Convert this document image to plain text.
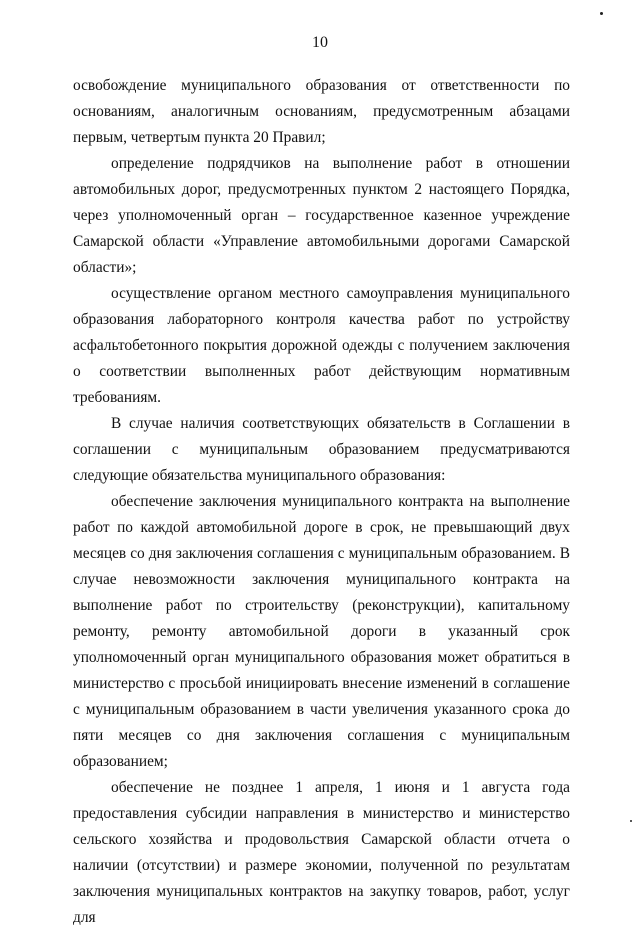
10

освобождение муниципального образования от ответственности по основаниям, аналогичным основаниям, предусмотренным абзацами первым, четвертым пункта 20 Правил;

определение подрядчиков на выполнение работ в отношении автомобильных дорог, предусмотренных пунктом 2 настоящего Порядка, через уполномоченный орган – государственное казенное учреждение Самарской области «Управление автомобильными дорогами Самарской области»;

осуществление органом местного самоуправления муниципального образования лабораторного контроля качества работ по устройству асфальтобетонного покрытия дорожной одежды с получением заключения о соответствии выполненных работ действующим нормативным требованиям.

В случае наличия соответствующих обязательств в Соглашении в соглашении с муниципальным образованием предусматриваются следующие обязательства муниципального образования:

обеспечение заключения муниципального контракта на выполнение работ по каждой автомобильной дороге в срок, не превышающий двух месяцев со дня заключения соглашения с муниципальным образованием. В случае невозможности заключения муниципального контракта на выполнение работ по строительству (реконструкции), капитальному ремонту, ремонту автомобильной дороги в указанный срок уполномоченный орган муниципального образования может обратиться в министерство с просьбой инициировать внесение изменений в соглашение с муниципальным образованием в части увеличения указанного срока до пяти месяцев со дня заключения соглашения с муниципальным образованием;

обеспечение не позднее 1 апреля, 1 июня и 1 августа года предоставления субсидии направления в министерство и министерство сельского хозяйства и продовольствия Самарской области отчета о наличии (отсутствии) и размере экономии, полученной по результатам заключения муниципальных контрактов на закупку товаров, работ, услуг для
